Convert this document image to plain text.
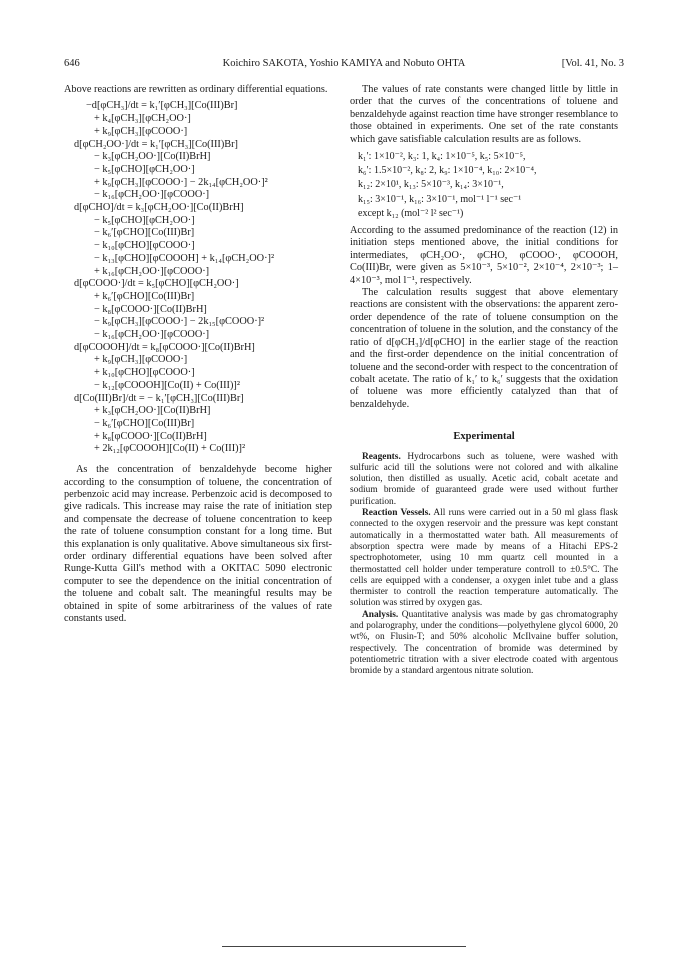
646	Koichiro SAKOTA, Yoshio KAMIYA and Nobuto OHTA	[Vol. 41, No. 3

Above reactions are rewritten as ordinary differential equations.

−d[φCH₃]/dt = k₁′[φCH₃][Co(III)Br]
+ k₄[φCH₃][φCH₂OO·]
+ k₉[φCH₃][φCOOO·]
d[φCH₂OO·]/dt = k₁′[φCH₃][Co(III)Br]
− k₃[φCH₂OO·][Co(II)BrH]
− k₅[φCHO][φCH₂OO·]
+ k₉[φCH₃][φCOOO·] − 2k₁₄[φCH₂OO·]²
− k₁₆[φCH₂OO·][φCOOO·]
d[φCHO]/dt = k₃[φCH₂OO·][Co(II)BrH]
− k₅[φCHO][φCH₂OO·]
− k₆′[φCHO][Co(III)Br]
− k₁₀[φCHO][φCOOO·]
− k₁₃[φCHO][φCOOOH] + k₁₄[φCH₂OO·]²
+ k₁₆[φCH₂OO·][φCOOO·]
d[φCOOO·]/dt = k₅[φCHO][φCH₂OO·]
+ k₆′[φCHO][Co(III)Br]
− k₈[φCOOO·][Co(II)BrH]
− k₉[φCH₃][φCOOO·] − 2k₁₅[φCOOO·]²
− k₁₆[φCH₂OO·][φCOOO·]
d[φCOOOH]/dt = k₈[φCOOO·][Co(II)BrH]
+ k₉[φCH₃][φCOOO·]
+ k₁₀[φCHO][φCOOO·]
− k₁₂[φCOOOH][Co(II) + Co(III)]²
d[Co(III)Br]/dt = − k₁′[φCH₃][Co(III)Br]
+ k₃[φCH₂OO·][Co(II)BrH]
− k₆′[φCHO][Co(III)Br]
+ k₈[φCOOO·][Co(II)BrH]
+ 2k₁₂[φCOOOH][Co(II) + Co(III)]²

As the concentration of benzaldehyde become higher according to the consumption of toluene, the concentration of perbenzoic acid may increase. Perbenzoic acid is decomposed to give radicals. This increase may raise the rate of initiation step and compensate the decrease of toluene concentration to keep the rate of toluene consumption constant for a long time. But this explanation is only qualitative. Above simultaneous six first-order ordinary differential equations have been solved after Runge-Kutta Gill's method with a OKITAC 5090 electronic computer to see the dependence on the initial concentration of the toluene and cobalt salt. The meaningful results may be obtained in spite of some arbitrariness of the values of rate constants used.

The values of rate constants were changed little by little in order that the curves of the concentrations of toluene and benzaldehyde against reaction time have stronger resemblance to those obtained in experiments. One set of the rate constants which gave satisfiable calculation results are as follows.

k₁′: 1×10⁻², k₃: 1, k₄: 1×10⁻⁵, k₅: 5×10⁻⁵,
k₆′: 1.5×10⁻², k₈: 2, k₉: 1×10⁻⁴, k₁₀: 2×10⁻⁴,
k₁₂: 2×10¹, k₁₃: 5×10⁻³, k₁₄: 3×10⁻¹,
k₁₅: 3×10⁻¹, k₁₆: 3×10⁻¹, mol⁻¹ l⁻¹ sec⁻¹
except k₁₂ (mol⁻² l² sec⁻¹)

According to the assumed predominance of the reaction (12) in initiation steps mentioned above, the initial conditions for intermediates, φCH₂OO·, φCHO, φCOOO·, φCOOOH, Co(III)Br, were given as 5×10⁻³, 5×10⁻², 2×10⁻⁴, 2×10⁻³; 1–4×10⁻³, mol l⁻¹, respectively.

The calculation results suggest that above elementary reactions are consistent with the observations: the apparent zero-order dependence of the rate of toluene consumption on the concentration of toluene in the solution, and the constancy of the ratio of d[φCH₃]/d[φCHO] in the earlier stage of the reaction and the first-order dependence on the initial concentration of toluene and the second-order with respect to the concentration of cobalt acetate. The ratio of k₁′ to k₆′ suggests that the oxidation of toluene was more efficiently catalyzed than that of benzaldehyde.

Experimental

Reagents. Hydrocarbons such as toluene, were washed with sulfuric acid till the solutions were not colored and with alkaline solution, then distilled as usually. Acetic acid, cobalt acetate and sodium bromide of guaranteed grade were used without further purification.

Reaction Vessels. All runs were carried out in a 50 ml glass flask connected to the oxygen reservoir and the pressure was kept constant automatically in a thermostatted water bath. All measurements of absorption spectra were made by means of a Hitachi EPS-2 spectrophotometer, using 10 mm quartz cell mounted in a thermostatted cell holder under temperature controll to ±0.5°C. The cells are equipped with a condenser, a oxygen inlet tube and a glass thermister to controll the reaction temperature automatically. The solution was stirred by oxygen gas.

Analysis. Quantitative analysis was made by gas chromatography and polarography, under the conditions—polyethylene glycol 6000, 20 wt%, on Flusin-T; and 50% alcoholic McIlvaine buffer solution, respectively. The concentration of bromide was determined by potentiometric titration with a siver electrode coated with argentous bromide by a standard argentous nitrate solution.
